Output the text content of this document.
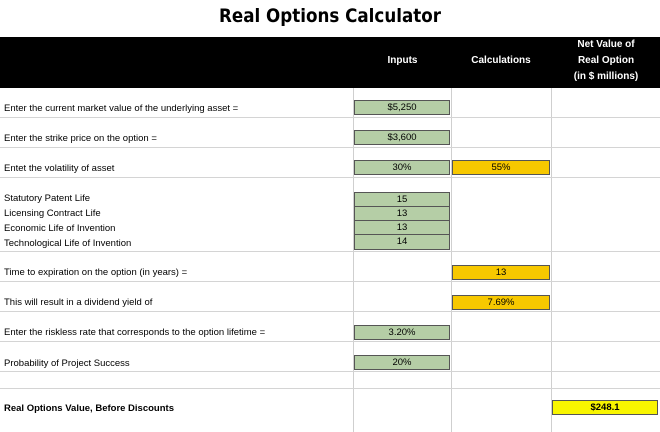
Real Options Calculator
Inputs	Calculations
Net Value of
Real Option
(in $ millions)
Enter the current market value of the underlying asset =
Enter the strike price on the option =
Entet the volatility of asset
Statutory Patent Life
Licensing Contract Life
Economic Life of Invention
Technological Life of Invention
Time to expiration on the option (in years) =
This will result in a dividend yield of
Enter the riskless rate that corresponds to the option lifetime =
Probability of Project Success
Real Options Value, Before Discounts
$5,250
$3,600
30%
15
13
13
14
3.20%
20%
55%
13
7.69%
$248.1
